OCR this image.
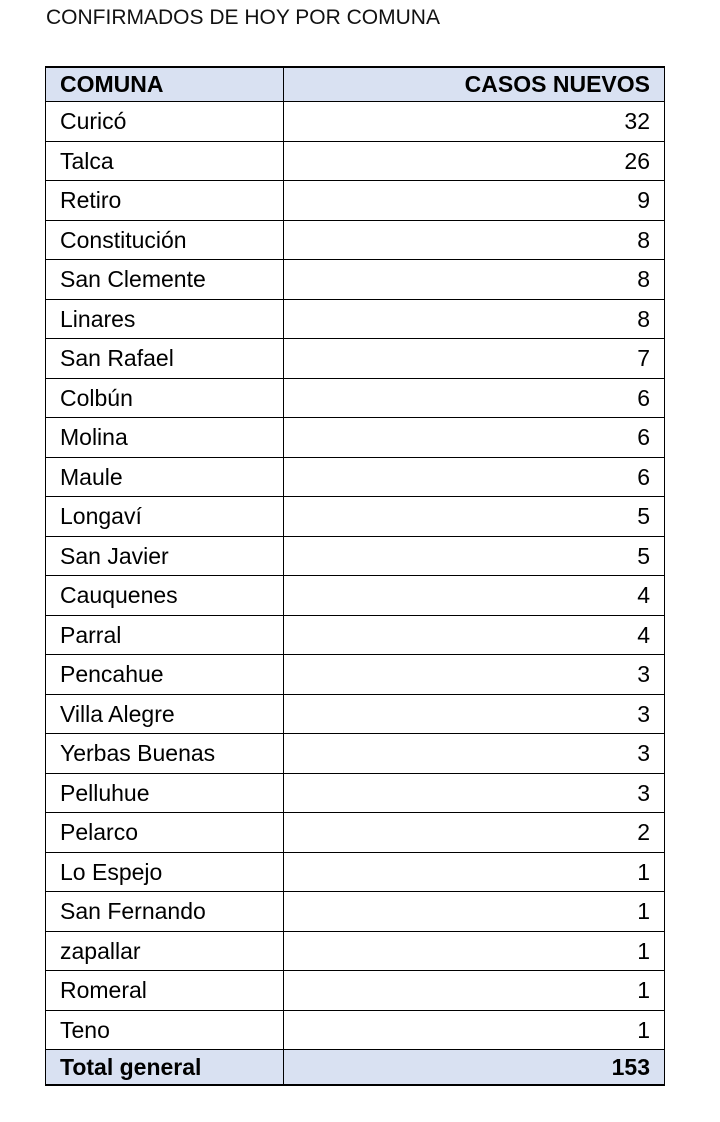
CONFIRMADOS DE HOY POR COMUNA
COMUNA	CASOS NUEVOS
Curicó	32
Talca	26
Retiro	9
Constitución	8
San Clemente	8
Linares	8
San Rafael	7
Colbún	6
Molina	6
Maule	6
Longaví	5
San Javier	5
Cauquenes	4
Parral	4
Pencahue	3
Villa Alegre	3
Yerbas Buenas	3
Pelluhue	3
Pelarco	2
Lo Espejo	1
San Fernando	1
zapallar	1
Romeral	1
Teno	1
Total general	153
